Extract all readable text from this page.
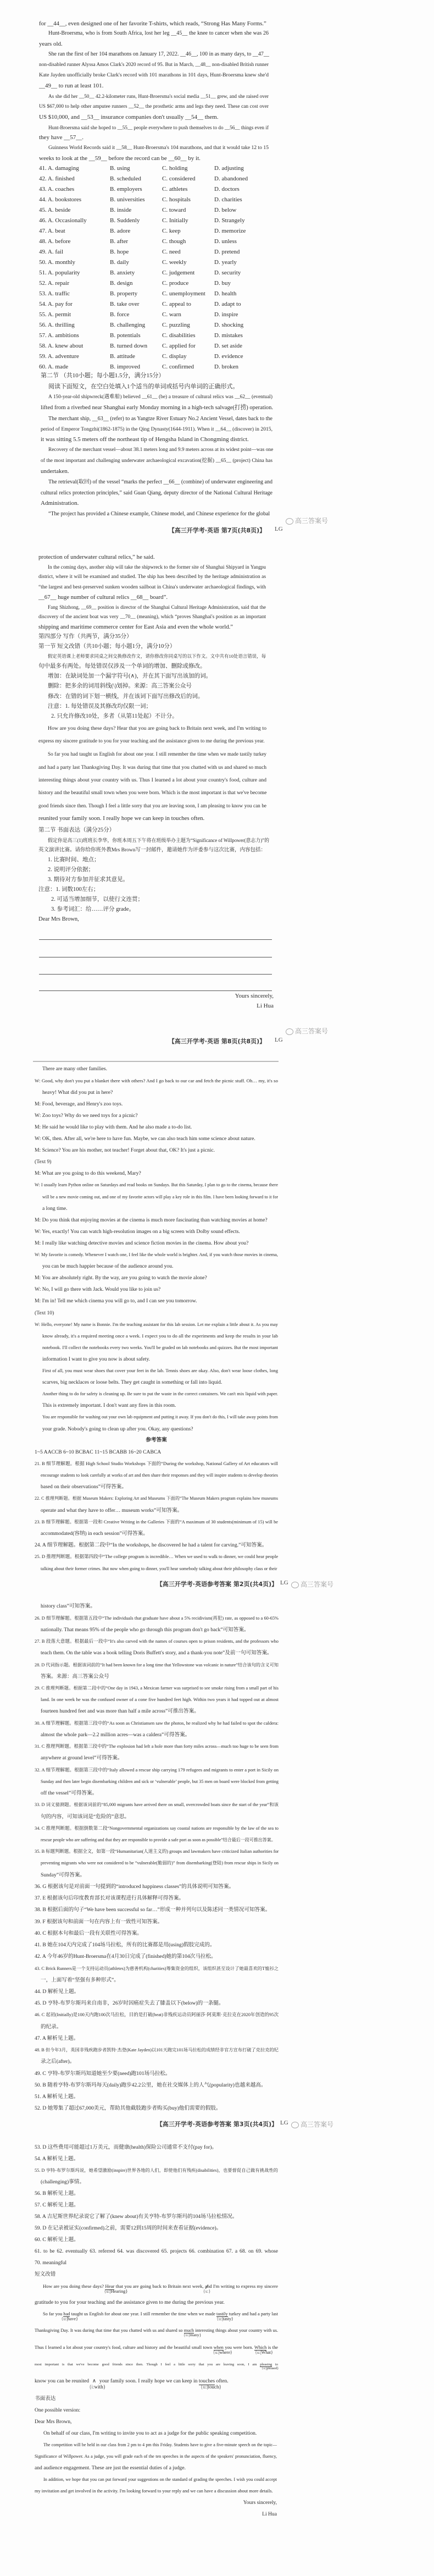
【高三开学考·英语 第7页(共8页)】 LG
高三答案号
Yours sincerely,
Li Hua
【高三开学考·英语 第8页(共8页)】 LG
高三答案号
【高三开学考·英语参考答案 第2页(共4页)】 LG	高三答案号
【高三开学考·英语参考答案 第3页(共4页)】 LG	高三答案号
for __44__, even designed one of her favorite T-shirts, which reads, “Strong Has Many Forms.”
Hunt-Broersma, who is from South Africa, lost her leg __45__ the knee to cancer when she was 26
years old.
She ran the first of her 104 marathons on January 17, 2022. __46__, 100 in as many days, to __47__
non-disabled runner Alyssa Amos Clark's 2020 record of 95. But in March, __48__ non-disabled British runner
Kate Jayden unofficially broke Clark's record with 101 marathons in 101 days, Hunt-Broersma knew she'd
__49__ to run at least 101.
As she did her __50__ 42.2-kilometer runs, Hunt-Broersma's social media __51__ grew, and she raised over
US $67,000 to help other amputee runners __52__ the prosthetic arms and legs they need. These can cost over
US $10,000, and __53__ insurance companies don't usually __54__ them.
Hunt-Broersma said she hoped to __55__ people everywhere to push themselves to do __56__ things even if
they have __57__.
Guinness World Records said it __58__ Hunt-Broersma's 104 marathons, and that it would take 12 to 15
weeks to look at the __59__ before the record can be __60__ by it.
第二节 （共10小题；每小题1.5分，满分15分）
阅读下面短文，在空白处填入1个适当的单词或括号内单词的正确形式。
A 150-year-old shipwreck(遇难船) believed __61__ (be) a treasure of cultural relics was __62__ (eventual)
lifted from a riverbed near Shanghai early Monday morning in a high-tech salvage(打捞) operation.
The merchant ship, __63__ (refer) to as Yangtze River Estuary No.2 Ancient Vessel, dates back to the
period of Emperor Tongzhi(1862-1875) in the Qing Dynasty(1644-1911). When it __64__ (discover) in 2015,
it was sitting 5.5 meters off the northeast tip of Hengsha Island in Chongming district.
Recovery of the merchant vessel—about 38.1 meters long and 9.9 meters across at its widest point—was one
of the most important and challenging underwater archaeological excavation(挖掘) __65__ (project) China has
undertaken.
The retrieval(取回) of the vessel “marks the perfect __66__ (combine) of underwater engineering and
cultural relics protection principles,” said Guan Qiang, deputy director of the National Cultural Heritage
Administration.
“The project has provided a Chinese example, Chinese model, and Chinese experience for the global
protection of underwater cultural relics,” he said.
In the coming days, another ship will take the shipwreck to the former site of Shanghai Shipyard in Yangpu
district, where it will be examined and studied. The ship has been described by the heritage administration as
“the largest and best-preserved sunken wooden sailboat in China's underwater archaeological findings, with
__67__ huge number of cultural relics __68__ board”.
Fang Shizhong, __69__ position is director of the Shanghai Cultural Heritage Administration, said that the
discovery of the ancient boat was very __70__ (meaning), which “proves Shanghai's position as an important
shipping and maritime commerce center for East Asia and even the whole world.”
第四部分 写作（共两节，满分35分）
第一节 短文改错（共10小题；每小题1分，满分10分）
假定英语课上老师要求同桌之间交换修改作文，请你修改你同桌写的以下作文。文中共有10处语言错误，每
句中最多有两处。每处错误仅涉及一个单词的增加、删除或修改。
增加：在缺词处加一个漏字符号(∧)，并在其下面写出该加的词。
删除：把多余的词用斜线(\)划掉。来源：高三答案公众号
修改：在错的词下划一横线，并在该词下面写出修改后的词。
注意：1. 每处错误及其修改均仅限一词；
2. 只允许修改10处，多者（从第11处起）不计分。
How are you doing these days? Hear that you are going back to Britain next week, and I'm writing to
express my sincere gratitude to you for your teaching and the assistance given to me during the previous year.
So far you had taught us English for about one year. I still remember the time when we made tastily turkey
and had a party last Thanksgiving Day. It was during that time that you chatted with us and shared so much
interesting things about your country with us. Thus I learned a lot about your country's food, culture and
history and the beautiful small town when you were born. Which is the most important is that we've become
good friends since then. Though I feel a little sorry that you are leaving soon, I am pleasing to know you can be
reunited your family soon. I really hope we can keep in touches often.
第二节 书面表达（满分25分）
假定你是高三(1)班班长李华，你班本周五下午将在班级举办主题为“Significance of Willpower(意志力)”的
英文演讲比赛。请你给你班外教Mrs Brown写一封邮件，邀请她作为评委参与这次比赛，内容包括：
1. 比赛时间、地点；
2. 说明评分依据；
3. 期待对方参加并征求其意见。
注意：1. 词数100左右；
2. 可适当增加细节，以使行文连贯；
3. 参考词汇：给……评分 grade。
Dear Mrs Brown,
There are many other families.
W: Good, why don't you put a blanket there with others? And I go back to our car and fetch the picnic stuff. Oh… my, it's so
heavy! What did you put in here?
M: Food, beverage, and Henry's zoo toys.
W: Zoo toys? Why do we need toys for a picnic?
M: He said he would like to play with them. And he also made a to-do list.
W: OK, then. After all, we're here to have fun. Maybe, we can also teach him some science about nature.
M: Science? You are his mother, not teacher! Forget about that, OK? It's just a picnic.
(Text 9)
M: What are you going to do this weekend, Mary?
W: I usually learn Python online on Saturdays and read books on Sundays. But this Saturday, I plan to go to the cinema, because there
will be a new movie coming out, and one of my favorite actors will play a key role in this film. I have been looking forward to it for
a long time.
M: Do you think that enjoying movies at the cinema is much more fascinating than watching movies at home?
W: Yes, exactly! You can watch high-resolution images on a big screen with Dolby sound effects.
M: I really like watching detective movies and science fiction movies in the cinema. How about you?
W: My favorite is comedy. Whenever I watch one, I feel like the whole world is brighter. And, if you watch those movies in cinema,
you can be much happier because of the audience around you.
M: You are absolutely right. By the way, are you going to watch the movie alone?
W: No, I will go there with Jack. Would you like to join us?
M: I'm in! Tell me which cinema you will go to, and I can see you tomorrow.
(Text 10)
W: Hello, everyone! My name is Bonnie. I'm the teaching assistant for this lab session. Let me explain a little about it. As you may
know already, it's a required meeting once a week. I expect you to do all the experiments and keep the results in your lab
notebook. I'll collect the notebooks every two weeks. You'll be graded on lab notebooks and quizzes. But the most important
information I want to give you now is about safety.
First of all, you must wear shoes that cover your feet in the lab. Tennis shoes are okay. Also, don't wear loose clothes, long
scarves, big necklaces or loose belts. They get caught in something or fall into liquid.
Another thing to do for safety is cleaning up. Be sure to put the waste in the correct containers. We can't mix liquid with paper.
This is extremely important. I don't want any fires in this room.
You are responsible for washing out your own lab equipment and putting it away. If you don't do this, I will take away points from
your grade. Nobody's going to clean up after you. Okay, any questions?
参考答案
1~5 AACCB 6~10 BCBAC 11~15 BCABB 16~20 CABCA
21. B 细节理解题。根据 High School Studio Workshops 下面的“During the workshop, National Gallery of Art educators will
encourage students to look carefully at works of art and then share their responses and they will inspire students to develop theories
based on their observations”可得答案。
22. C 推理判断题。根据 Museum Makers: Exploring Art and Museums 下面的“The Museum Makers program explains how museums
operate and what they have to offer… museum works”可知答案。
23. B 细节理解题。根据第一段和 Creative Writing in the Galleries 下面的“A maximum of 30 students(minimum of 15) will be
accommodated(容纳) in each session”可得答案。
24. A 细节理解题。根据第二段中“In the workshops, he discovered he had a talent for carving.”可知答案。
25. D 推理判断题。根据第四段中“The college program is incredible… When we used to walk to dinner, we could hear people
talking about their former crimes. But now when going to dinner, you'll hear somebody talking about their philosophy class or their
history class”可知答案。
26. D 细节理解题。根据第五段中“The individuals that graduate have about a 5% recidivism(再犯) rate, as opposed to a 60-65%
nationally. That means 95% of the people who go through this program don't go back”可知答案。
27. B 段落大意题。根据最后一段中“It's also carved with the names of courses open to prison residents, and the professors who
teach them. On the table was a book telling Doris Buffett's story, and a thank-you note”及前一句可知答案。
28. D 代词指示题。根据该词前的“It had been known for a long time that Yellowstone was volcanic in nature”结合该句的含义可知
答案。来源：高三答案公众号
29. C 推理判断题。根据第二段中的“One day in 1943, a Mexican farmer was surprised to see smoke rising from a small part of his
land. In one week he was the confused owner of a cone five hundred feet high. Within two years it had topped out at almost
fourteen hundred feet and was more than half a mile across”可推出答案。
30. A 细节理解题。根据第三段中的“As soon as Christiansen saw the photos, he realized why he had failed to spot the caldera:
almost the whole park—2.2 million acres—was a caldera”可得答案。
31. C 推理判断题。根据第三段中的“The explosion had left a hole more than forty miles across—much too huge to be seen from
anywhere at ground level”可得答案。
32. A 细节理解题。根据第三段中的“Italy allowed a rescue ship carrying 179 refugees and migrants to enter a port in Sicily on
Sunday and then later begin disembarking children and sick or ‘vulnerable’ people, but 35 men on board were blocked from getting
off the vessel”可得答案。
33. D 词义猜测题。根据该词前的“85,000 migrants have arrived there on small, overcrowded boats since the start of the year”和该
句的内容，可知该词是“危险的”意思。
34. C 推理判断题。根据倒数第二段“Nongovernmental organizations say coastal nations are responsible by the law of the sea to
rescue people who are suffering and that they are responsible to provide a safe port as soon as possible”结合最后一段可推出答案。
35. B 标题判断题。根据全文，如第一段“Humanitarian(人道主义的) groups and lawmakers have criticized Italian authorities for
preventing migrants who were not considered to be “vulnerable(脆弱的)” from disembarking(登陆) from rescue ships in Sicily on
Sunday”可得答案。
36. G 根据该句是对前面一句提到的“introduced happiness classes”的具体说明可知答案。
37. E 根据该句后印度教育部长对该课程进行具体解释可得答案。
38. B 根据后面的句子“We have been successful so far…”形成一种并列句以及陈述同一类情况可知答案。
39. F 根据该句和前面一句在内容上有一致性可知答案。
40. C 根据本句和最后一段有关联性可得答案。
41. B 她在104天内完成了104场马拉松，所有的比赛都是用(using)假肢完成的。
42. A 今年46岁的Hunt-Broersma在4月30日完成了(finished)她的第104次马拉松。
43. C Brick Runners是一个支持运动员(athletes)为慈善机构(charities)筹集资金的组织，该组织甚至设计了她最喜欢的T恤衫之
一，上面写着“坚强有多种形式”。
44. D 解析见上题。
45. D 亨特-布罗尔斯玛来自南非，26岁时因癌症失去了膝盖以下(below)的一条腿。
46. C 起初(Initially)是100天内跑100次马拉松，目的是打破(beat)非残疾运动员阿丽莎·阿莫斯·克拉克在2020年创造的95次
的纪录。
47. A 解析见上题。
48. B 但今年3月，英国非残疾跑步者凯特·杰登(Kate Jayden)以101天跑完101场马拉松的成绩经非官方宣布打破了克拉克的纪
录之后(after)。
49. C 亨特-布罗尔斯玛知道她至少要(need)跑101场马拉松。
50. B 随着亨特-布罗尔斯玛每天(daily)跑步42.2公里，她在社交媒体上的人气(popularity)也越来越高。
51. A 解析见上题。
52. D 她筹集了超过67,000美元，帮助其他截肢跑步者购买(buy)他们需要的假肢。
53. D 这些费用可能超过1万美元，而健康(health)保险公司通常不支付(pay for)。
54. A 解析见上题。
55. D 亨特-布罗尔斯玛说，她希望激励(inspire)世界各地的人们，即使他们有残疾(disabilities)，也要督促自己做有挑战性的
(challenging)事情。
56. B 解析见上题。
57. C 解析见上题。
58. A 吉尼斯世界纪录说它了解了(knew about)有关亨特-布罗尔斯玛的104场马拉松情况。
59. D 在记录被证实(confirmed)之前，需要12到15周的时间来查看证据(evidence)。
60. C 解析见上题。
61. to be 62. eventually 63. referred 64. was discovered 65. projects 66. combination 67. a 68. on 69. whose
70. meaningful
短文改错
书面表达
One possible version:
Dear Mrs Brown,
On behalf of our class, I'm writing to invite you to act as a judge for the public speaking competition.
The competition will be held in our class from 2 pm to 4 pm this Friday. Students have to give a five-minute speech on the topic—
Significance of Willpower. As a judge, you will grade each of the ten speeches in the aspects of the speakers' pronunciation, fluency,
and audience engagement. These are just the essential duties of a judge.
In addition, we hope that you can put forward your suggestions on the standard of grading the speeches. I wish you could accept
my invitation and get involved in the activity. I'm looking forward to your reply and we can have a discussion about more details.
Yours sincerely,
Li Hua
41. A. damaging	B. using	C. holding	D. adjusting
42. A. finished	B. scheduled	C. considered	D. abandoned
43. A. coaches	B. employers	C. athletes	D. doctors
44. A. bookstores	B. universities	C. hospitals	D. charities
45. A. beside	B. inside	C. toward	D. below
46. A. Occasionally	B. Suddenly	C. Initially	D. Strangely
47. A. beat	B. adore	C. keep	D. memorize
48. A. before	B. after	C. though	D. unless
49. A. fail	B. hope	C. need	D. pretend
50. A. monthly	B. daily	C. weekly	D. yearly
51. A. popularity	B. anxiety	C. judgement	D. security
52. A. repair	B. design	C. produce	D. buy
53. A. traffic	B. property	C. unemployment D. health
54. A. pay for	B. take over	C. appeal to	D. adapt to
55. A. permit	B. force	C. warn	D. inspire
56. A. thrilling	B. challenging	C. puzzling	D. shocking
57. A. ambitions	B. potentials	C. disabilities	D. mistakes
58. A. knew about	B. turned down C. applied for	D. set aside
59. A. adventure	B. attitude	C. display	D. evidence
60. A. made	B. improved	C. confirmed	D. broken
How are you doing these days?
{u:
Hear
|Hearing}
that you are going back to Britain next week,
{s:
and
}
I'm writing to express my sincere
gratitude to you for your teaching and the assistance given to me during the previous year.
So far you
{u:
had
|have}
taught us English for about one year. I still remember the time when we made
{u:
tastily
|tasty}
turkey and had a party last
Thanksgiving Day. It was during that time that you chatted with us and shared so
{u:
much
|many}
interesting things about your country with us.
Thus I learned a lot about your country's food, culture and history and the beautiful small town
{u:
when
|where}
you were born.
{u:
Which
|What}
is the
most important is that we've become good friends since then. Though I feel a little sorry that you are leaving soon, I am
{u:
pleasing
|pleased}
to
know you can be reunited
∧ {i: with}
your family soon. I really hope we can keep in
{u:
touches
|touch}
often.
